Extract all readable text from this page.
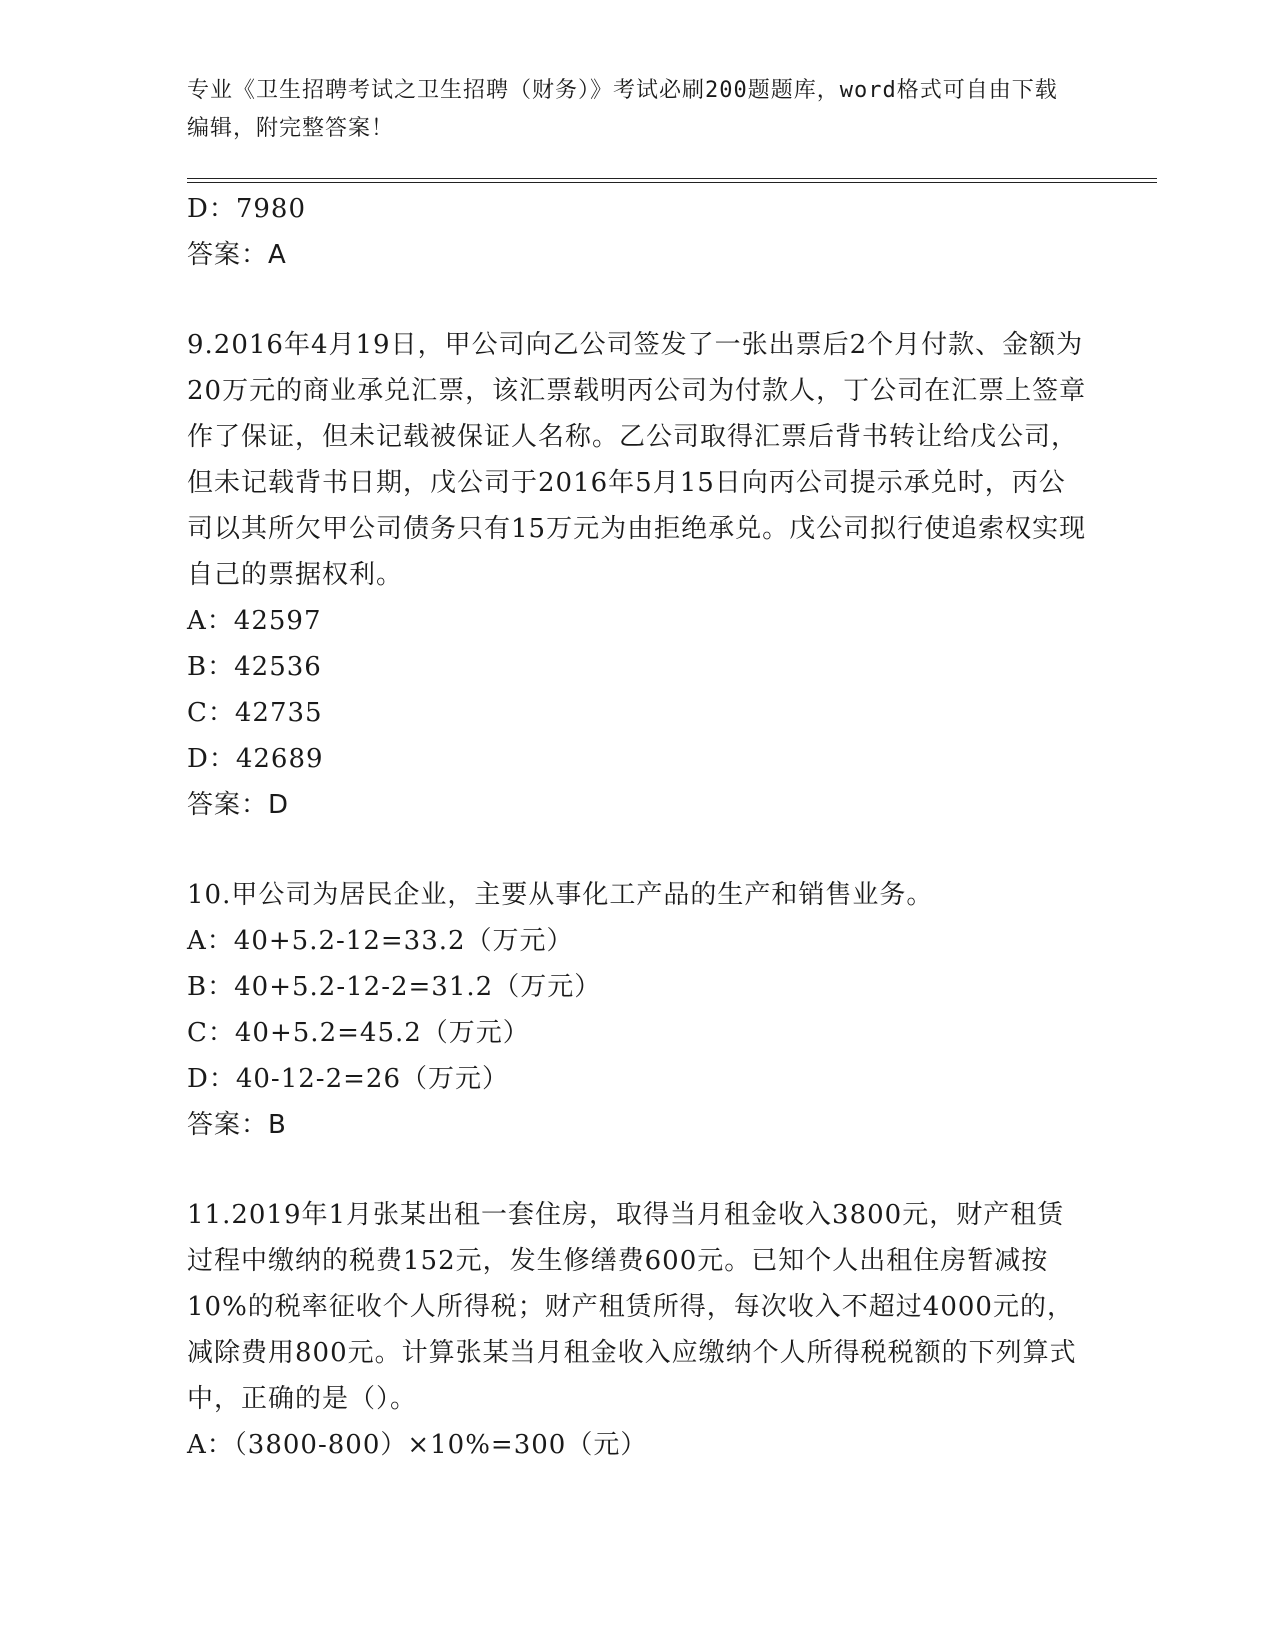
专业《卫生招聘考试之卫生招聘（财务）》考试必刷200题题库，word格式可自由下载编辑，附完整答案！
D：7980
答案：A
9.2016年4月19日，甲公司向乙公司签发了一张出票后2个月付款、金额为20万元的商业承兑汇票，该汇票载明丙公司为付款人，丁公司在汇票上签章作了保证，但未记载被保证人名称。乙公司取得汇票后背书转让给戊公司，但未记载背书日期，戊公司于2016年5月15日向丙公司提示承兑时，丙公司以其所欠甲公司债务只有15万元为由拒绝承兑。戊公司拟行使追索权实现自己的票据权利。
A：42597
B：42536
C：42735
D：42689
答案：D
10.甲公司为居民企业，主要从事化工产品的生产和销售业务。
A：40+5.2-12=33.2（万元）
B：40+5.2-12-2=31.2（万元）
C：40+5.2=45.2（万元）
D：40-12-2=26（万元）
答案：B
11.2019年1月张某出租一套住房，取得当月租金收入3800元，财产租赁过程中缴纳的税费152元，发生修缮费600元。已知个人出租住房暂减按10%的税率征收个人所得税；财产租赁所得，每次收入不超过4000元的，减除费用800元。计算张某当月租金收入应缴纳个人所得税税额的下列算式中，正确的是（）。
A：（3800-800）×10%=300（元）
